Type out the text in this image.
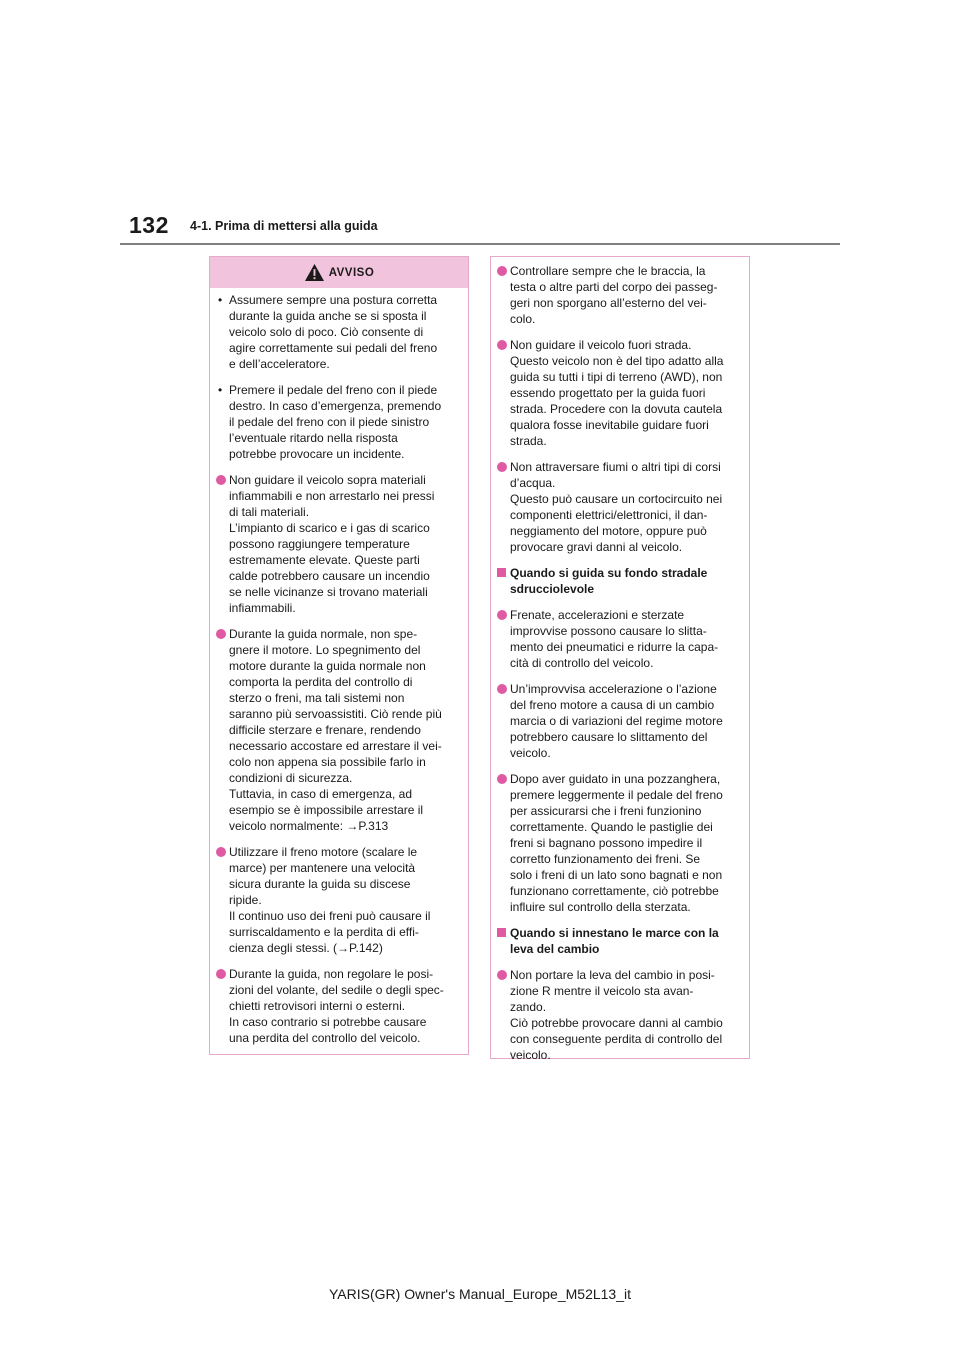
132 4-1. Prima di mettersi alla guida
AVVISO
• Assumere sempre una postura corretta
durante la guida anche se si sposta il
veicolo solo di poco. Ciò consente di
agire correttamente sui pedali del freno
e dell’acceleratore.
• Premere il pedale del freno con il piede
destro. In caso d’emergenza, premendo
il pedale del freno con il piede sinistro
l’eventuale ritardo nella risposta
potrebbe provocare un incidente.
Non guidare il veicolo sopra materiali
infiammabili e non arrestarlo nei pressi
di tali materiali.
L’impianto di scarico e i gas di scarico
possono raggiungere temperature
estremamente elevate. Queste parti
calde potrebbero causare un incendio
se nelle vicinanze si trovano materiali
infiammabili.
Durante la guida normale, non spe-
gnere il motore. Lo spegnimento del
motore durante la guida normale non
comporta la perdita del controllo di
sterzo o freni, ma tali sistemi non
saranno più servoassistiti. Ciò rende più
difficile sterzare e frenare, rendendo
necessario accostare ed arrestare il vei-
colo non appena sia possibile farlo in
condizioni di sicurezza.
Tuttavia, in caso di emergenza, ad
esempio se è impossibile arrestare il
veicolo normalmente: →P.313
Utilizzare il freno motore (scalare le
marce) per mantenere una velocità
sicura durante la guida su discese
ripide.
Il continuo uso dei freni può causare il
surriscaldamento e la perdita di effi-
cienza degli stessi. (→P.142)
Durante la guida, non regolare le posi-
zioni del volante, del sedile o degli spec-
chietti retrovisori interni o esterni.
In caso contrario si potrebbe causare
una perdita del controllo del veicolo.
Controllare sempre che le braccia, la
testa o altre parti del corpo dei passeg-
geri non sporgano all’esterno del vei-
colo.
Non guidare il veicolo fuori strada.
Questo veicolo non è del tipo adatto alla
guida su tutti i tipi di terreno (AWD), non
essendo progettato per la guida fuori
strada. Procedere con la dovuta cautela
qualora fosse inevitabile guidare fuori
strada.
Non attraversare fiumi o altri tipi di corsi
d’acqua.
Questo può causare un cortocircuito nei
componenti elettrici/elettronici, il dan-
neggiamento del motore, oppure può
provocare gravi danni al veicolo.
Quando si guida su fondo stradale
sdrucciolevole
Frenate, accelerazioni e sterzate
improvvise possono causare lo slitta-
mento dei pneumatici e ridurre la capa-
cità di controllo del veicolo.
Un’improvvisa accelerazione o l’azione
del freno motore a causa di un cambio
marcia o di variazioni del regime motore
potrebbero causare lo slittamento del
veicolo.
Dopo aver guidato in una pozzanghera,
premere leggermente il pedale del freno
per assicurarsi che i freni funzionino
correttamente. Quando le pastiglie dei
freni si bagnano possono impedire il
corretto funzionamento dei freni. Se
solo i freni di un lato sono bagnati e non
funzionano correttamente, ciò potrebbe
influire sul controllo della sterzata.
Quando si innestano le marce con la
leva del cambio
Non portare la leva del cambio in posi-
zione R mentre il veicolo sta avan-
zando.
Ciò potrebbe provocare danni al cambio
con conseguente perdita di controllo del
veicolo.
YARIS(GR) Owner's Manual_Europe_M52L13_it
